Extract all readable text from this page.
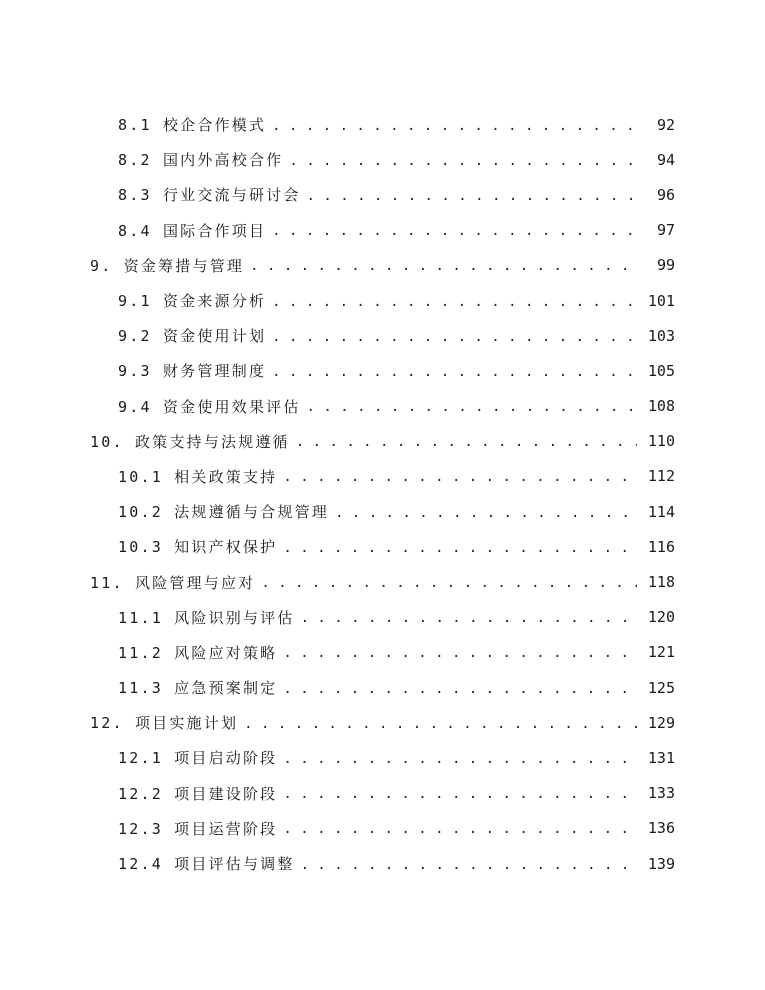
8.1 校企合作模式 . . .	92
8.2 国内外高校合作 . . .	94
8.3 行业交流与研讨会 . . .	96
8.4 国际合作项目 . . .	97
9. 资金筹措与管理 . . .	99
9.1 资金来源分析 . . .	101
9.2 资金使用计划 . . .	103
9.3 财务管理制度 . . .	105
9.4 资金使用效果评估 . . .	108
10. 政策支持与法规遵循 . . .	110
10.1 相关政策支持 . . .	112
10.2 法规遵循与合规管理 . . .	114
10.3 知识产权保护 . . .	116
11. 风险管理与应对 . . .	118
11.1 风险识别与评估 . . .	120
11.2 风险应对策略 . . .	121
11.3 应急预案制定 . . .	125
12. 项目实施计划 . . .	129
12.1 项目启动阶段 . . .	131
12.2 项目建设阶段 . . .	133
12.3 项目运营阶段 . . .	136
12.4 项目评估与调整 . . .	139
